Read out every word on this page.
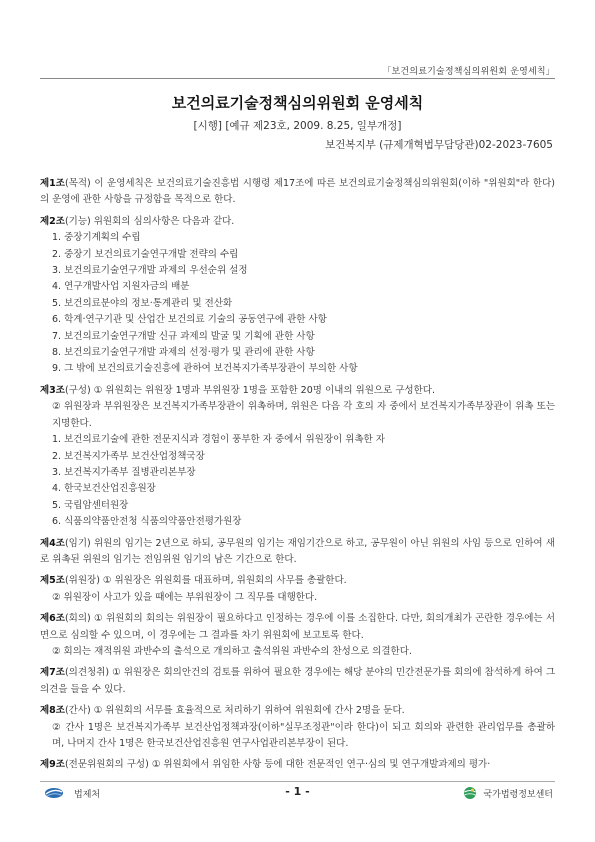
「보건의료기술정책심의위원회 운영세칙」
보건의료기술정책심의위원회 운영세칙
[시행] [예규 제23호, 2009. 8.25, 일부개정]
보건복지부 (규제개혁법무담당관)02-2023-7605
제1조(목적) 이 운영세칙은 보건의료기술진흥법 시행령 제17조에 따른 보건의료기술정책심의위원회(이하 "위원회"라 한다)의 운영에 관한 사항을 규정함을 목적으로 한다.
제2조(기능) 위원회의 심의사항은 다음과 같다.
1. 중장기계획의 수립
2. 중장기 보건의료기술연구개발 전략의 수립
3. 보건의료기술연구개발 과제의 우선순위 설정
4. 연구개발사업 지원자금의 배분
5. 보건의료분야의 정보·통계관리 및 전산화
6. 학계·연구기관 및 산업간 보건의료 기술의 공동연구에 관한 사항
7. 보건의료기술연구개발 신규 과제의 발굴 및 기획에 관한 사항
8. 보건의료기술연구개발 과제의 선정·평가 및 관리에 관한 사항
9. 그 밖에 보건의료기술진흥에 관하여 보건복지가족부장관이 부의한 사항
제3조(구성) ① 위원회는 위원장 1명과 부위원장 1명을 포함한 20명 이내의 위원으로 구성한다.
② 위원장과 부위원장은 보건복지가족부장관이 위촉하며, 위원은 다음 각 호의 자 중에서 보건복지가족부장관이 위촉 또는 지명한다.
1. 보건의료기술에 관한 전문지식과 경험이 풍부한 자 중에서 위원장이 위촉한 자
2. 보건복지가족부 보건산업정책국장
3. 보건복지가족부 질병관리본부장
4. 한국보건산업진흥원장
5. 국립암센터원장
6. 식품의약품안전청 식품의약품안전평가원장
제4조(임기) 위원의 임기는 2년으로 하되, 공무원의 임기는 재임기간으로 하고, 공무원이 아닌 위원의 사임 등으로 인하여 새로 위촉된 위원의 임기는 전임위원 임기의 남은 기간으로 한다.
제5조(위원장) ① 위원장은 위원회를 대표하며, 위원회의 사무를 총괄한다.
② 위원장이 사고가 있을 때에는 부위원장이 그 직무를 대행한다.
제6조(회의) ① 위원회의 회의는 위원장이 필요하다고 인정하는 경우에 이를 소집한다. 다만, 회의개최가 곤란한 경우에는 서면으로 심의할 수 있으며, 이 경우에는 그 결과를 차기 위원회에 보고토록 한다.
② 회의는 재적위원 과반수의 출석으로 개의하고 출석위원 과반수의 찬성으로 의결한다.
제7조(의견청취) ① 위원장은 회의안건의 검토를 위하여 필요한 경우에는 해당 분야의 민간전문가를 회의에 참석하게 하여 그 의견을 들을 수 있다.
제8조(간사) ① 위원회의 서무를 효율적으로 처리하기 위하여 위원회에 간사 2명을 둔다.
② 간사 1명은 보건복지가족부 보건산업정책과장(이하"실무조정관"이라 한다)이 되고 회의와 관련한 관리업무를 총괄하며, 나머지 간사 1명은 한국보건산업진흥원 연구사업관리본부장이 된다.
제9조(전문위원회의 구성) ① 위원회에서 위임한 사항 등에 대한 전문적인 연구·심의 및 연구개발과제의 평가·
법제처	- 1 -	국가법령정보센터
